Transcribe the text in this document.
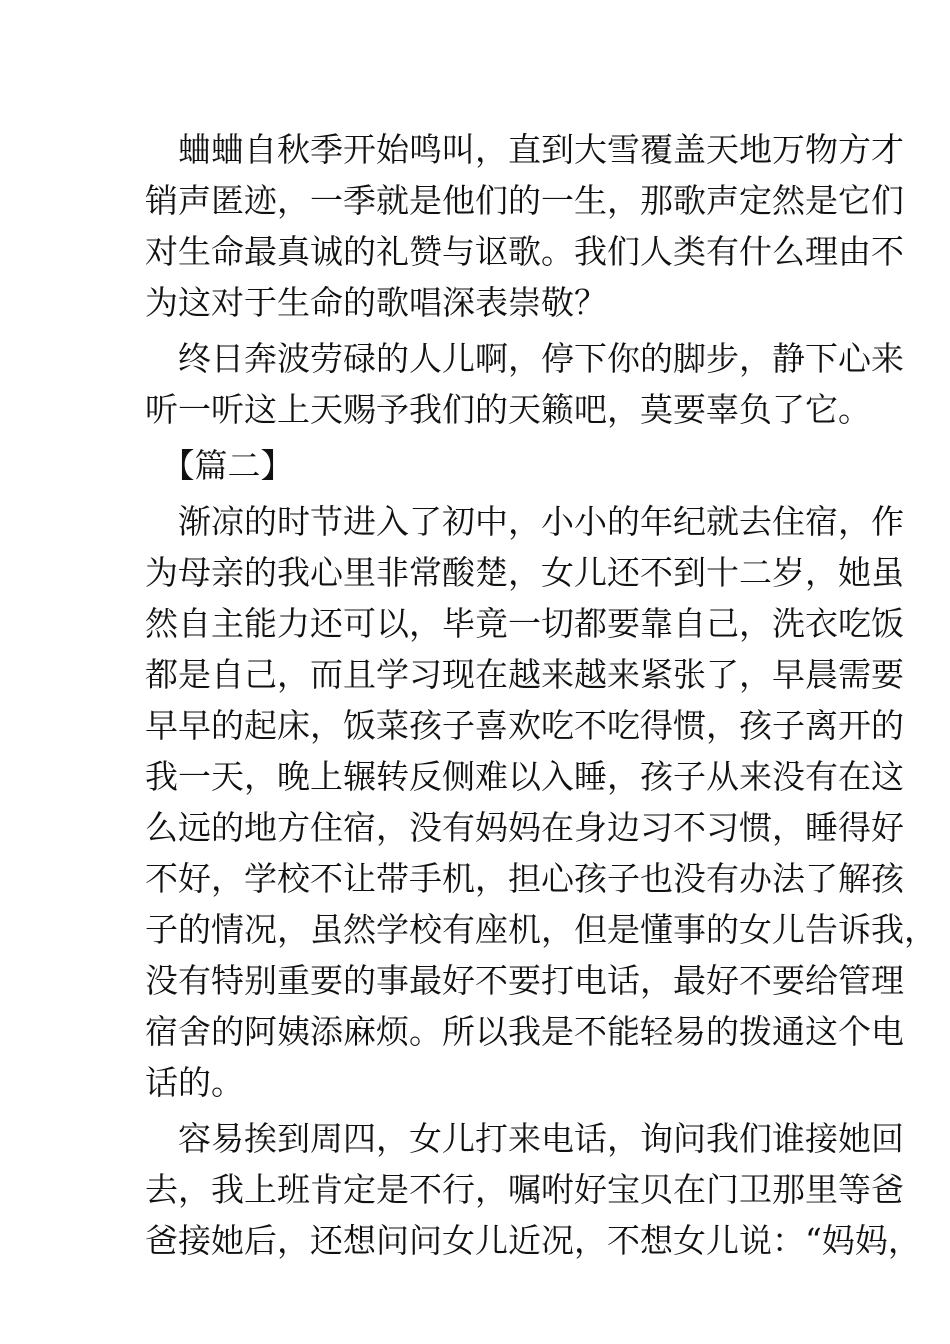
　蛐蛐自秋季开始鸣叫，直到大雪覆盖天地万物方才
销声匿迹，一季就是他们的一生，那歌声定然是它们
对生命最真诚的礼赞与讴歌。我们人类有什么理由不
为这对于生命的歌唱深表崇敬？
　终日奔波劳碌的人儿啊，停下你的脚步，静下心来
听一听这上天赐予我们的天籁吧，莫要辜负了它。
　【篇二】
　渐凉的时节进入了初中，小小的年纪就去住宿，作
为母亲的我心里非常酸楚，女儿还不到十二岁，她虽
然自主能力还可以，毕竟一切都要靠自己，洗衣吃饭
都是自己，而且学习现在越来越来紧张了，早晨需要
早早的起床，饭菜孩子喜欢吃不吃得惯，孩子离开的
我一天，晚上辗转反侧难以入睡，孩子从来没有在这
么远的地方住宿，没有妈妈在身边习不习惯，睡得好
不好，学校不让带手机，担心孩子也没有办法了解孩
子的情况，虽然学校有座机，但是懂事的女儿告诉我，
没有特别重要的事最好不要打电话，最好不要给管理
宿舍的阿姨添麻烦。所以我是不能轻易的拨通这个电
话的。
　容易挨到周四，女儿打来电话，询问我们谁接她回
去，我上班肯定是不行，嘱咐好宝贝在门卫那里等爸
爸接她后，还想问问女儿近况，不想女儿说：“妈妈，
